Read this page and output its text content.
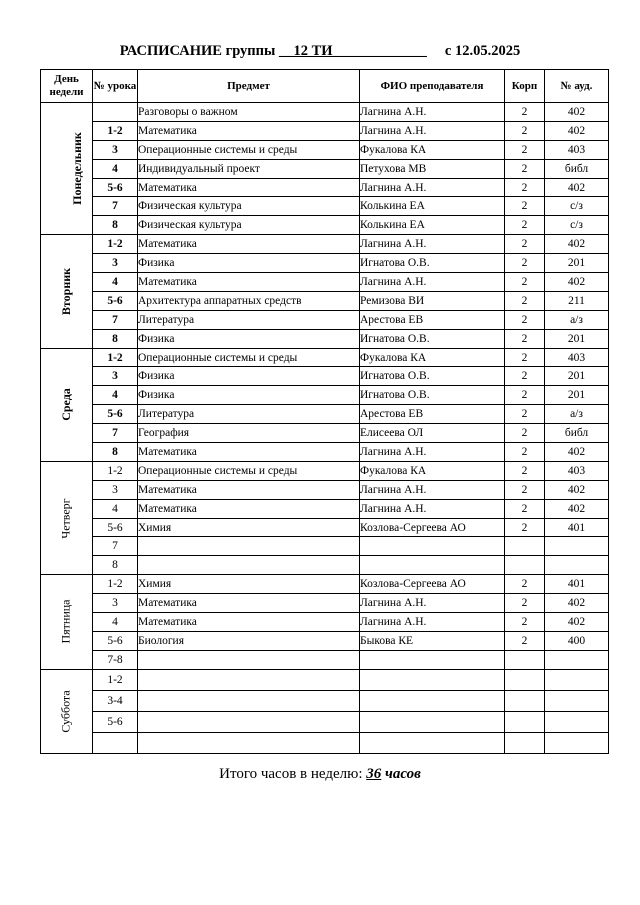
РАСПИСАНИЕ группы __12 ТИ_____________ с 12.05.2025
День недели	№ урока	Предмет	ФИО преподавателя	Корп	№ ауд.
Понедельник		Разговоры о важном	Лагнина А.Н.	2	402
	1-2	Математика	Лагнина А.Н.	2	402
	3	Операционные системы и среды	Фукалова КА	2	403
	4	Индивидуальный проект	Петухова МВ	2	библ
	5-6	Математика	Лагнина А.Н.	2	402
	7	Физическая культура	Колькина ЕА	2	с/з
	8	Физическая культура	Колькина ЕА	2	с/з
Вторник	1-2	Математика	Лагнина А.Н.	2	402
	3	Физика	Игнатова О.В.	2	201
	4	Математика	Лагнина А.Н.	2	402
	5-6	Архитектура аппаратных средств	Ремизова ВИ	2	211
	7	Литература	Арестова ЕВ	2	а/з
	8	Физика	Игнатова О.В.	2	201
Среда	1-2	Операционные системы и среды	Фукалова КА	2	403
	3	Физика	Игнатова О.В.	2	201
	4	Физика	Игнатова О.В.	2	201
	5-6	Литература	Арестова ЕВ	2	а/з
	7	География	Елисеева ОЛ	2	библ
	8	Математика	Лагнина А.Н.	2	402
Четверг	1-2	Операционные системы и среды	Фукалова КА	2	403
	3	Математика	Лагнина А.Н.	2	402
	4	Математика	Лагнина А.Н.	2	402
	5-6	Химия	Козлова-Сергеева АО	2	401
	7				
	8				
Пятница	1-2	Химия	Козлова-Сергеева АО	2	401
	3	Математика	Лагнина А.Н.	2	402
	4	Математика	Лагнина А.Н.	2	402
	5-6	Биология	Быкова КЕ	2	400
	7-8				
Суббота	1-2				
	3-4				
	5-6				

Итого часов в неделю: 36 часов
